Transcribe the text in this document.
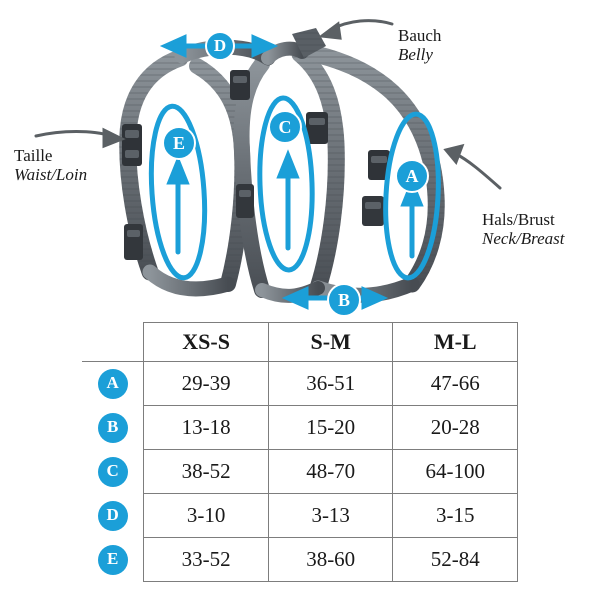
Bauch
Belly
Taille
Waist/Loin
Hals/Brust
Neck/Breast
D
C
E
A
B
	XS-S	S-M	M-L
A	29-39	36-51	47-66
B	13-18	15-20	20-28
C	38-52	48-70	64-100
D	3-10	3-13	3-15
E	33-52	38-60	52-84
